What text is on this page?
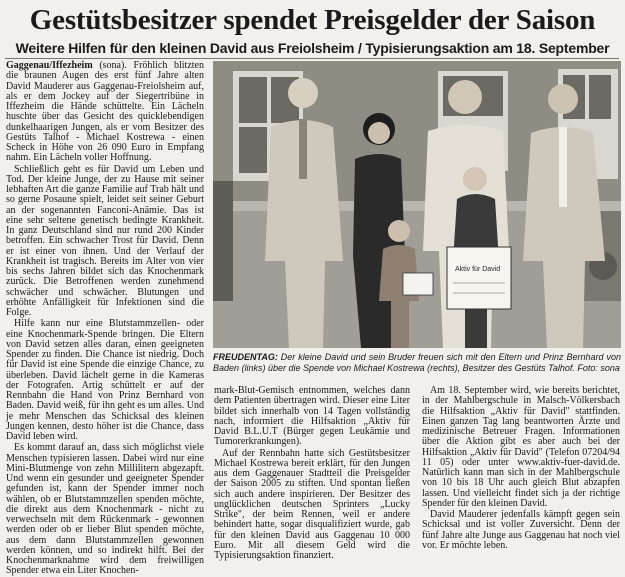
Gestütsbesitzer spendet Preisgelder der Saison
Weitere Hilfen für den kleinen David aus Freiolsheim / Typisierungsaktion am 18. September

Gaggenau/Iffezheim (sona). Fröhlich blitzten die braunen Augen des erst fünf Jahre alten David Mauderer aus Gaggenau-Freiolsheim auf, als er dem Jockey auf der Siegertribüne in Iffezheim die Hände schüttelte. Ein Lächeln huschte über das Gesicht des quicklebendigen dunkelhaarigen Jungen, als er vom Besitzer des Gestüts Talhof - Michael Kostrewa - einen Scheck in Höhe von 26 090 Euro in Empfang nahm. Ein Lächeln voller Hoffnung.

Schließlich geht es für David um Leben und Tod. Der kleine Junge, der zu Hause mit seiner lebhaften Art die ganze Familie auf Trab hält und so gerne Posaune spielt, leidet seit seiner Geburt an der sogenannten Fanconi-Anämie. Das ist eine sehr seltene genetisch bedingte Krankheit. In ganz Deutschland sind nur rund 200 Kinder betroffen. Ein schwacher Trost für David. Denn er ist einer von ihnen. Und der Verlauf der Krankheit ist tragisch. Bereits im Alter von vier bis sechs Jahren bildet sich das Knochenmark zurück. Die Betroffenen werden zunehmend schwächer und schwächer. Blutungen und erhöhte Anfälligkeit für Infektionen sind die Folge.

Hilfe kann nur eine Blutstammzellen- oder eine Knochenmark-Spende bringen. Die Eltern von David setzen alles daran, einen geeigneten Spender zu finden. Die Chance ist niedrig. Doch für David ist eine Spende die einzige Chance, zu überleben. David lächelt gerne in die Kameras der Fotografen. Artig schüttelt er auf der Rennbahn die Hand von Prinz Bernhard von Baden. David weiß, für ihn geht es um alles. Und je mehr Menschen das Schicksal des kleinen Jungen kennen, desto höher ist die Chance, dass David leben wird.

Es kommt darauf an, dass sich möglichst viele Menschen typisieren lassen. Dabei wird nur eine Mini-Blutmenge von zehn Millilitern abgezapft. Und wenn ein gesunder und geeigneter Spender gefunden ist, kann der Spender immer noch wählen, ob er Blutstammzellen spenden möchte, die direkt aus dem Knochenmark - nicht zu verwechseln mit dem Rückenmark - gewonnen werden oder ob er lieber Blut spenden möchte, aus dem dann Blutstammzellen gewonnen werden können, und so indirekt hilft. Bei der Knochenmarknahme wird dem freiwilligen Spender etwa ein Liter Knochen-

Aktiv für David
FREUDENTAG: Der kleine David und sein Bruder freuen sich mit den Eltern und Prinz Bernhard von Baden (links) über die Spende von Michael Kostrewa (rechts), Besitzer des Gestüts Talhof. Foto: sona

mark-Blut-Gemisch entnommen, welches dann dem Patienten übertragen wird. Dieser eine Liter bildet sich innerhalb von 14 Tagen vollständig nach, informiert die Hilfsaktion „Aktiv für David B.L.U.T (Bürger gegen Leukämie und Tumorerkrankungen).

Auf der Rennbahn hatte sich Gestütsbesitzer Michael Kostrewa bereit erklärt, für den Jungen aus dem Gaggenauer Stadtteil die Preisgelder der Saison 2005 zu stiften. Und spontan ließen sich auch andere inspirieren. Der Besitzer des unglücklichen deutschen Sprinters „Lucky Strike", der beim Rennen, weil er andere behindert hatte, sogar disqualifiziert wurde, gab für den kleinen David aus Gaggenau 10 000 Euro. Mit all diesem Geld wird die Typisierungsaktion finanziert.

Am 18. September wird, wie bereits berichtet, in der Mahlbergschule in Malsch-Völkersbach die Hilfsaktion „Aktiv für David" stattfinden. Einen ganzen Tag lang beantworten Ärzte und medizinische Betreuer Fragen. Informationen über die Aktion gibt es aber auch bei der Hilfsaktion „Aktiv für David" (Telefon 07204/94 11 05) oder unter www.aktiv-fuer-david.de. Natürlich kann man sich in der Mahlbergschule von 10 bis 18 Uhr auch gleich Blut abzapfen lassen. Und vielleicht findet sich ja der richtige Spender für den kleinen David.

David Mauderer jedenfalls kämpft gegen sein Schicksal und ist voller Zuversicht. Denn der fünf Jahre alte Junge aus Gaggenau hat noch viel vor. Er möchte leben.
